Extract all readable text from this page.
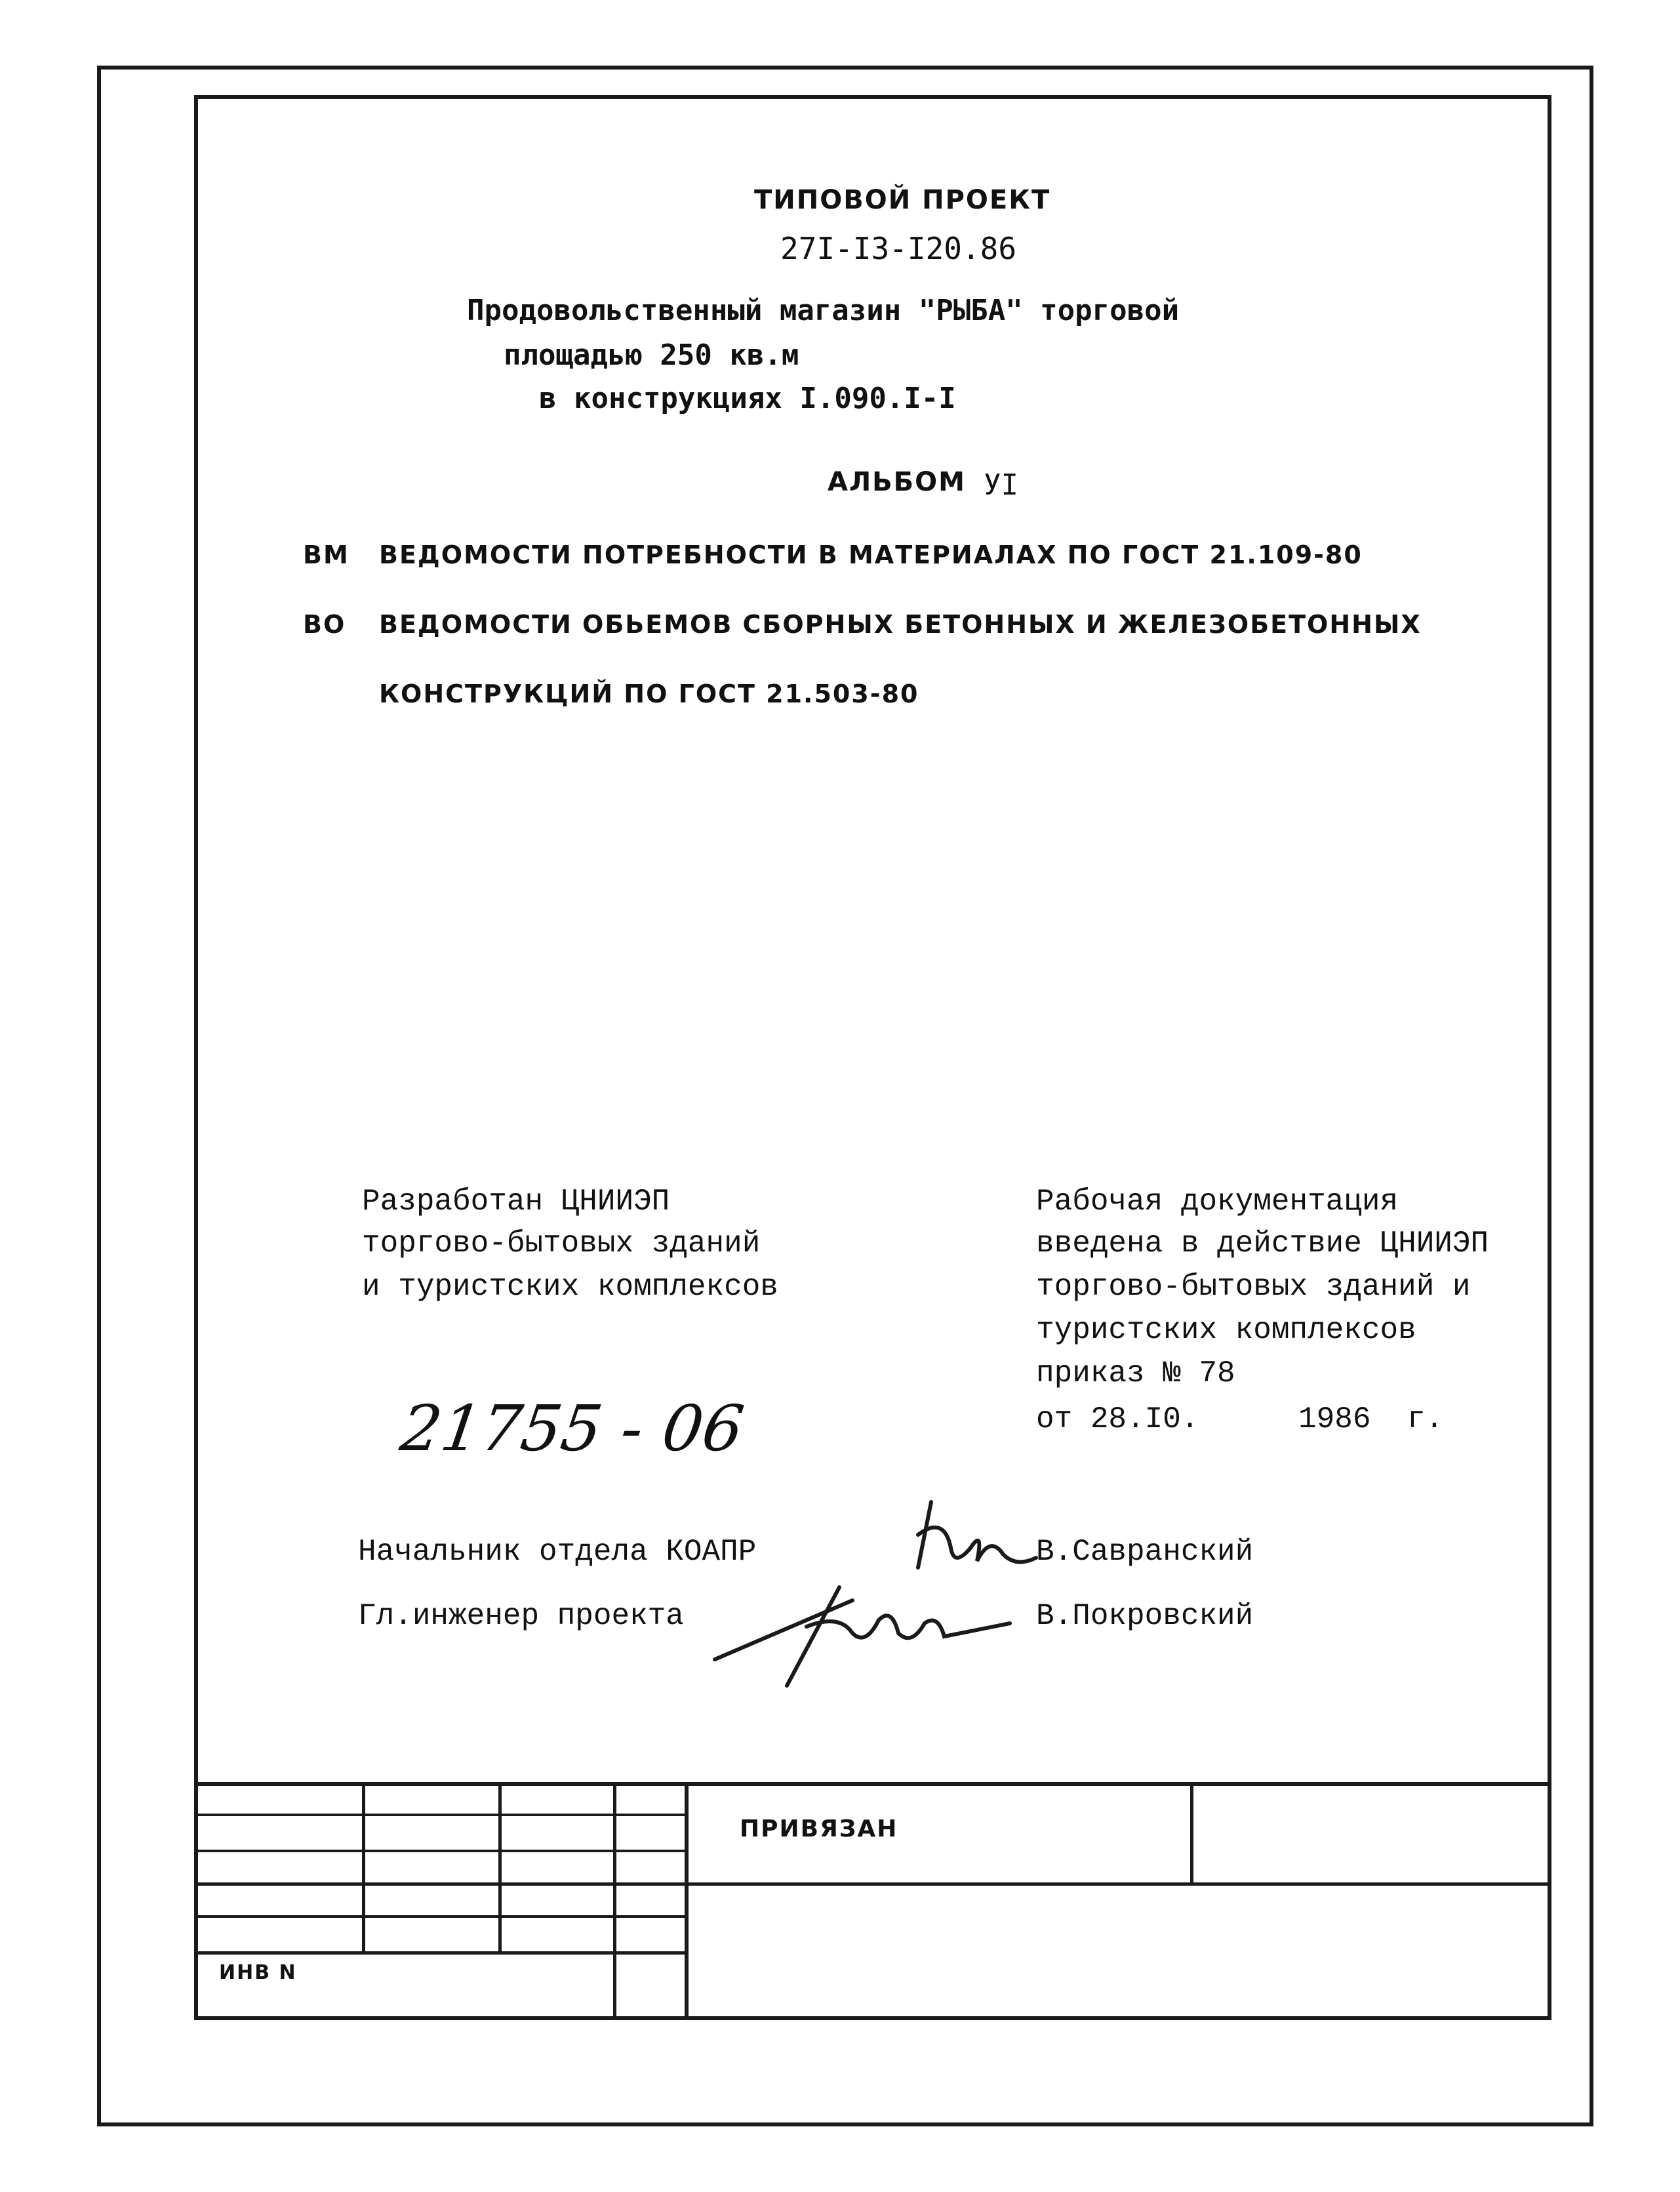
ТИПОВОЙ ПРОЕКТ
27I-I3-I20.86
Продовольственный магазин "РЫБА" торговой
площадью 250 кв.м
в конструкциях I.090.I-I
АЛЬБОМ УI
ВМ ВЕДОМОСТИ ПОТРЕБНОСТИ В МАТЕРИАЛАХ ПО ГОСТ 21.109-80
ВО ВЕДОМОСТИ ОБЬЕМОВ СБОРНЫХ БЕТОННЫХ И ЖЕЛЕЗОБЕТОННЫХ
КОНСТРУКЦИЙ ПО ГОСТ 21.503-80
Разработан ЦНИИЭП
торгово-бытовых зданий
и туристских комплексов
21755 - 06
Рабочая документация
введена в действие ЦНИИЭП
торгово-бытовых зданий и
туристских комплексов
приказ № 78
от 28.I0.	1986 г.
Начальник отдела КОАПР	В.Савранский
Гл.инженер проекта	В.Покровский
ПРИВЯЗАН
ИНВ N
